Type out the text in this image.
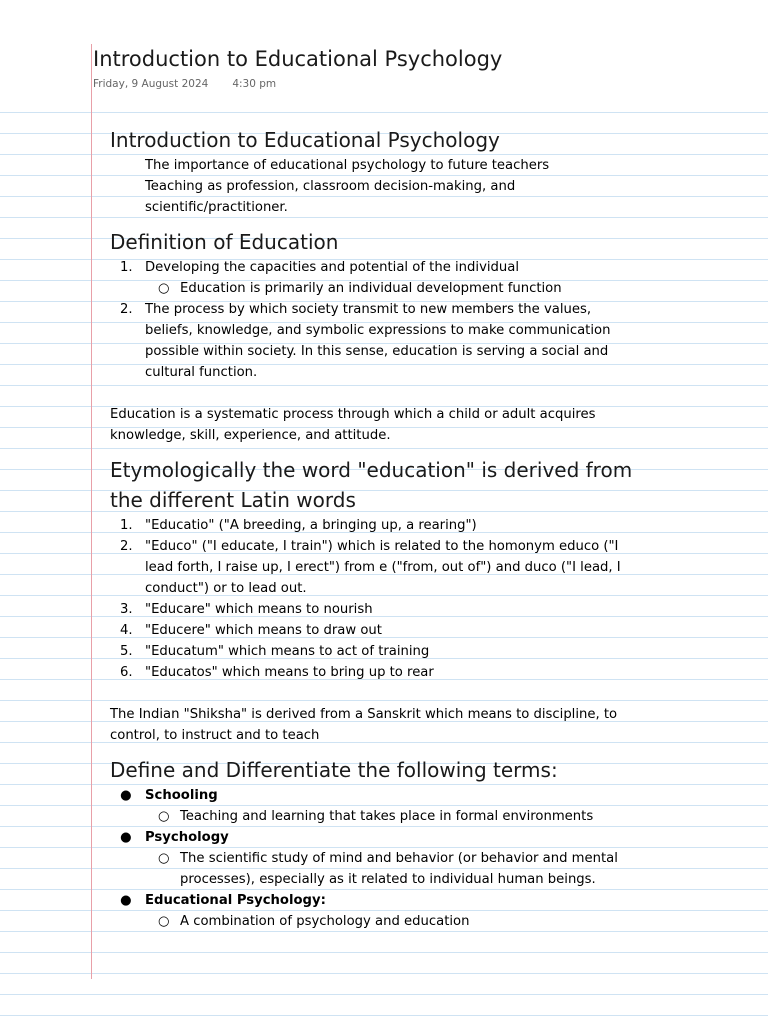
Introduction to Educational Psychology
Friday, 9 August 2024 4:30 pm
Introduction to Educational Psychology
The importance of educational psychology to future teachers
Teaching as profession, classroom decision-making, and
scientific/practitioner.
Definition of Education
1. Developing the capacities and potential of the individual
○ Education is primarily an individual development function
2. The process by which society transmit to new members the values,
beliefs, knowledge, and symbolic expressions to make communication
possible within society. In this sense, education is serving a social and
cultural function.
Education is a systematic process through which a child or adult acquires
knowledge, skill, experience, and attitude.
Etymologically the word "education" is derived from
the different Latin words
1. "Educatio" ("A breeding, a bringing up, a rearing")
2. "Educo" ("I educate, I train") which is related to the homonym educo ("I
lead forth, I raise up, I erect") from e ("from, out of") and duco ("I lead, I
conduct") or to lead out.
3. "Educare" which means to nourish
4. "Educere" which means to draw out
5. "Educatum" which means to act of training
6. "Educatos" which means to bring up to rear
The Indian "Shiksha" is derived from a Sanskrit which means to discipline, to
control, to instruct and to teach
Define and Differentiate the following terms:
● Schooling
○ Teaching and learning that takes place in formal environments
● Psychology
○ The scientific study of mind and behavior (or behavior and mental
processes), especially as it related to individual human beings.
● Educational Psychology:
○ A combination of psychology and education
